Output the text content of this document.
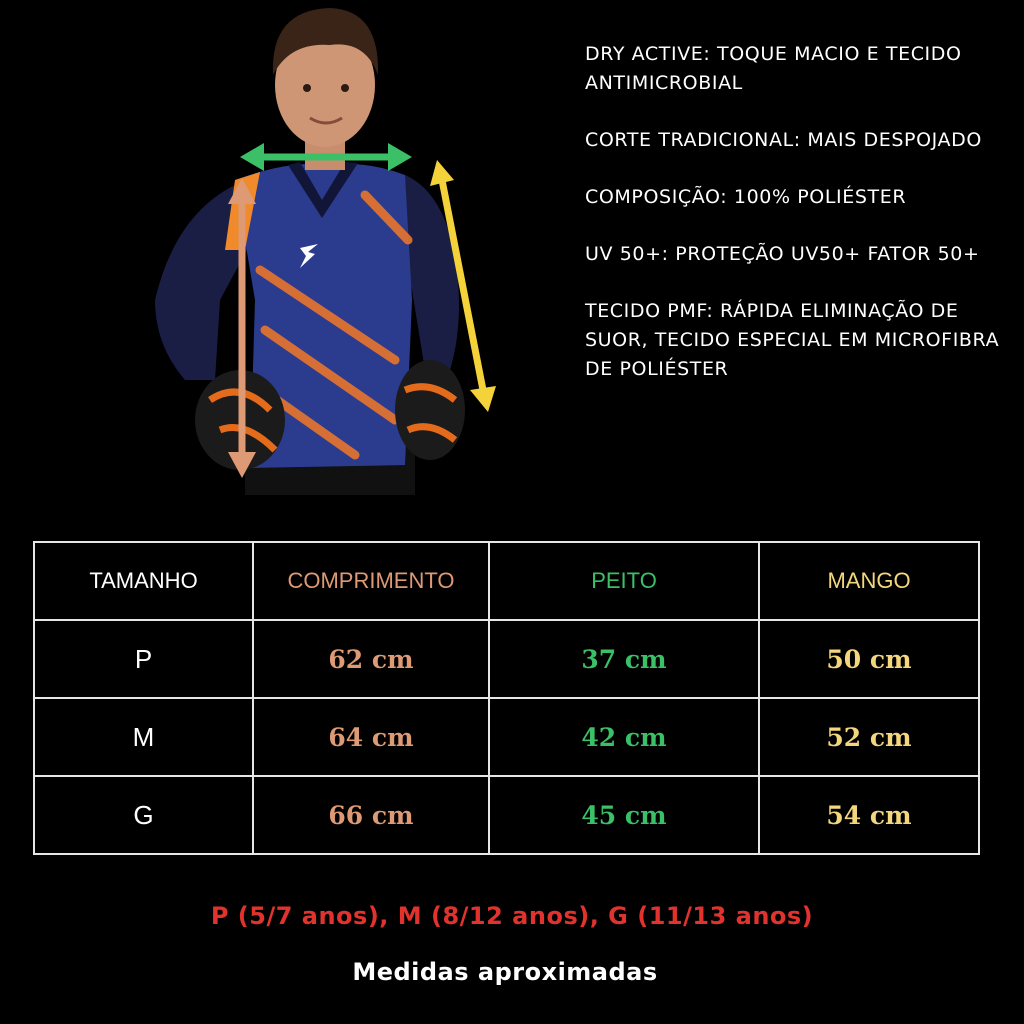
DRY ACTIVE: TOQUE MACIO E TECIDO ANTIMICROBIAL
CORTE TRADICIONAL: MAIS DESPOJADO
COMPOSIÇÃO: 100% POLIÉSTER
UV 50+: PROTEÇÃO UV50+ FATOR 50+
TECIDO PMF: RÁPIDA ELIMINAÇÃO DE SUOR, TECIDO ESPECIAL EM MICROFIBRA DE POLIÉSTER
TAMANHO	COMPRIMENTO	PEITO	MANGO
P	62 cm	37 cm	50 cm
M	64 cm	42 cm	52 cm
G	66 cm	45 cm	54 cm
P (5/7 anos), M (8/12 anos), G (11/13 anos)
Medidas aproximadas
